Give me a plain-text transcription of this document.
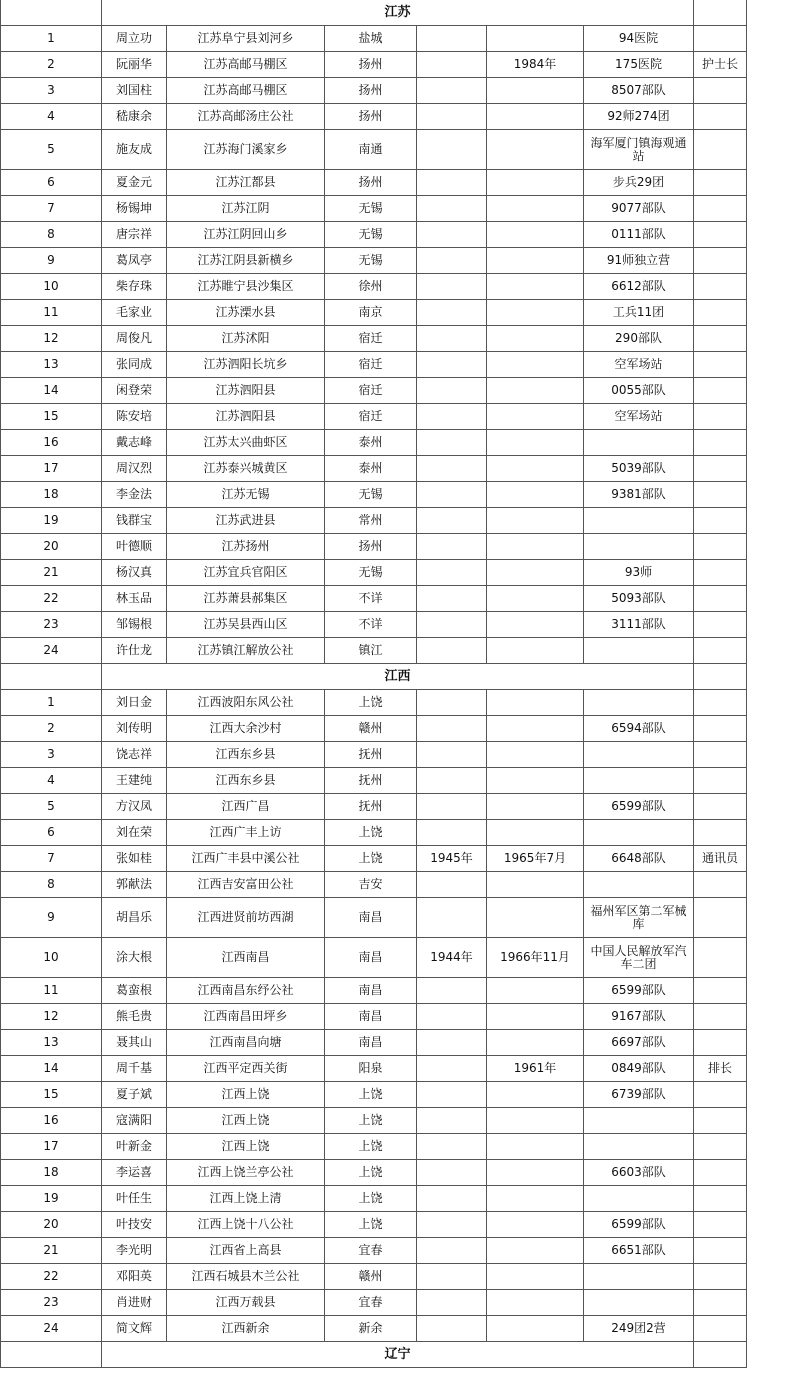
	江苏						
1	周立功	江苏阜宁县刘河乡	盐城			94医院	
2	阮丽华	江苏高邮马棚区	扬州		1984年	175医院	护士长
3	刘国柱	江苏高邮马棚区	扬州			8507部队	
4	嵇康余	江苏高邮汤庄公社	扬州			92师274团	
5	施友成	江苏海门溪家乡	南通			海军厦门镇海观通站	
6	夏金元	江苏江都县	扬州			步兵29团	
7	杨锡坤	江苏江阴	无锡			9077部队	
8	唐宗祥	江苏江阴回山乡	无锡			0111部队	
9	葛凤亭	江苏江阴县新横乡	无锡			91师独立营	
10	柴存珠	江苏睢宁县沙集区	徐州			6612部队	
11	毛家业	江苏溧水县	南京			工兵11团	
12	周俊凡	江苏沭阳	宿迁			290部队	
13	张同成	江苏泗阳长坑乡	宿迁			空军场站	
14	闲登荣	江苏泗阳县	宿迁			0055部队	
15	陈安培	江苏泗阳县	宿迁			空军场站	
16	戴志峰	江苏太兴曲虾区	泰州				
17	周汉烈	江苏泰兴城黄区	泰州			5039部队	
18	李金法	江苏无锡	无锡			9381部队	
19	钱群宝	江苏武进县	常州				
20	叶德顺	江苏扬州	扬州				
21	杨汉真	江苏宜兵官阳区	无锡			93师	
22	林玉品	江苏萧县郝集区	不详			5093部队	
23	邹锡根	江苏吴县西山区	不详			3111部队	
24	许仕龙	江苏镇江解放公社	镇江				
	江西						
1	刘日金	江西波阳东风公社	上饶				
2	刘传明	江西大余沙村	赣州			6594部队	
3	饶志祥	江西东乡县	抚州				
4	王建纯	江西东乡县	抚州				
5	方汉凤	江西广昌	抚州			6599部队	
6	刘在荣	江西广丰上访	上饶				
7	张如桂	江西广丰县中溪公社	上饶	1945年	1965年7月	6648部队	通讯员
8	郭献法	江西吉安富田公社	吉安				
9	胡昌乐	江西进贤前坊西湖	南昌			福州军区第二军械库	
10	涂大根	江西南昌	南昌	1944年	1966年11月	中国人民解放军汽车二团	
11	葛蛮根	江西南昌东纾公社	南昌			6599部队	
12	熊毛贵	江西南昌田坪乡	南昌			9167部队	
13	聂其山	江西南昌向塘	南昌			6697部队	
14	周千基	江西平定西关街	阳泉		1961年	0849部队	排长
15	夏子斌	江西上饶	上饶			6739部队	
16	寇满阳	江西上饶	上饶				
17	叶新金	江西上饶	上饶				
18	李运喜	江西上饶兰亭公社	上饶			6603部队	
19	叶任生	江西上饶上清	上饶				
20	叶技安	江西上饶十八公社	上饶			6599部队	
21	李光明	江西省上高县	宜春			6651部队	
22	邓阳英	江西石城县木兰公社	赣州				
23	肖进财	江西万载县	宜春				
24	简文辉	江西新余	新余			249团2营	
	辽宁						
